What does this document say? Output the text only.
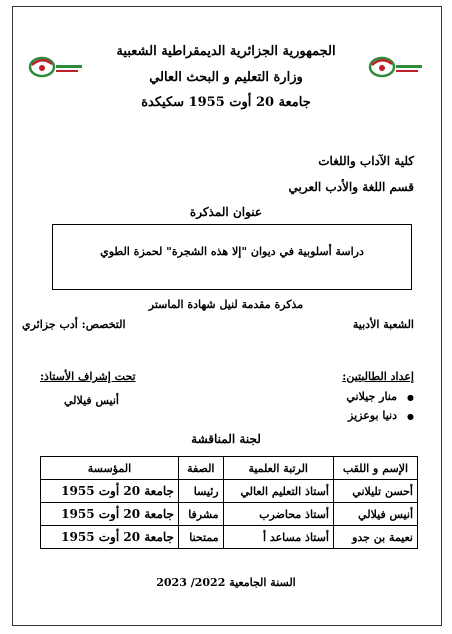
الجمهورية الجزائرية الديمقراطية الشعبية
وزارة التعليم و البحث العالي
جامعة 20 أوت 1955 سكيكدة
كلية الآداب واللغات
قسم اللغة والأدب العربي
عنوان المذكرة
دراسة أسلوبية في ديوان "إلا هذه الشجرة" لحمزة الطوي
مذكرة مقدمة لنيل شهادة الماستر
الشعبة الأدبية
التخصص: أدب جزائري
إعداد الطالبتين:
● منار جيلاني
● دنيا بوعزيز
تحت إشراف الأستاذ:
أنيس فيلالي
لجنة المناقشة
الإسم و اللقب	الرتبة العلمية	الصفة	المؤسسة
أحسن تليلاني	أستاذ التعليم العالي	رئيسا	جامعة 20 أوت 1955
أنيس فيلالي	أستاذ محاضرب	مشرفا	جامعة 20 أوت 1955
نعيمة بن جدو	أستاذ مساعد أ	ممتحنا	جامعة 20 أوت 1955
السنة الجامعية 2022/ 2023
